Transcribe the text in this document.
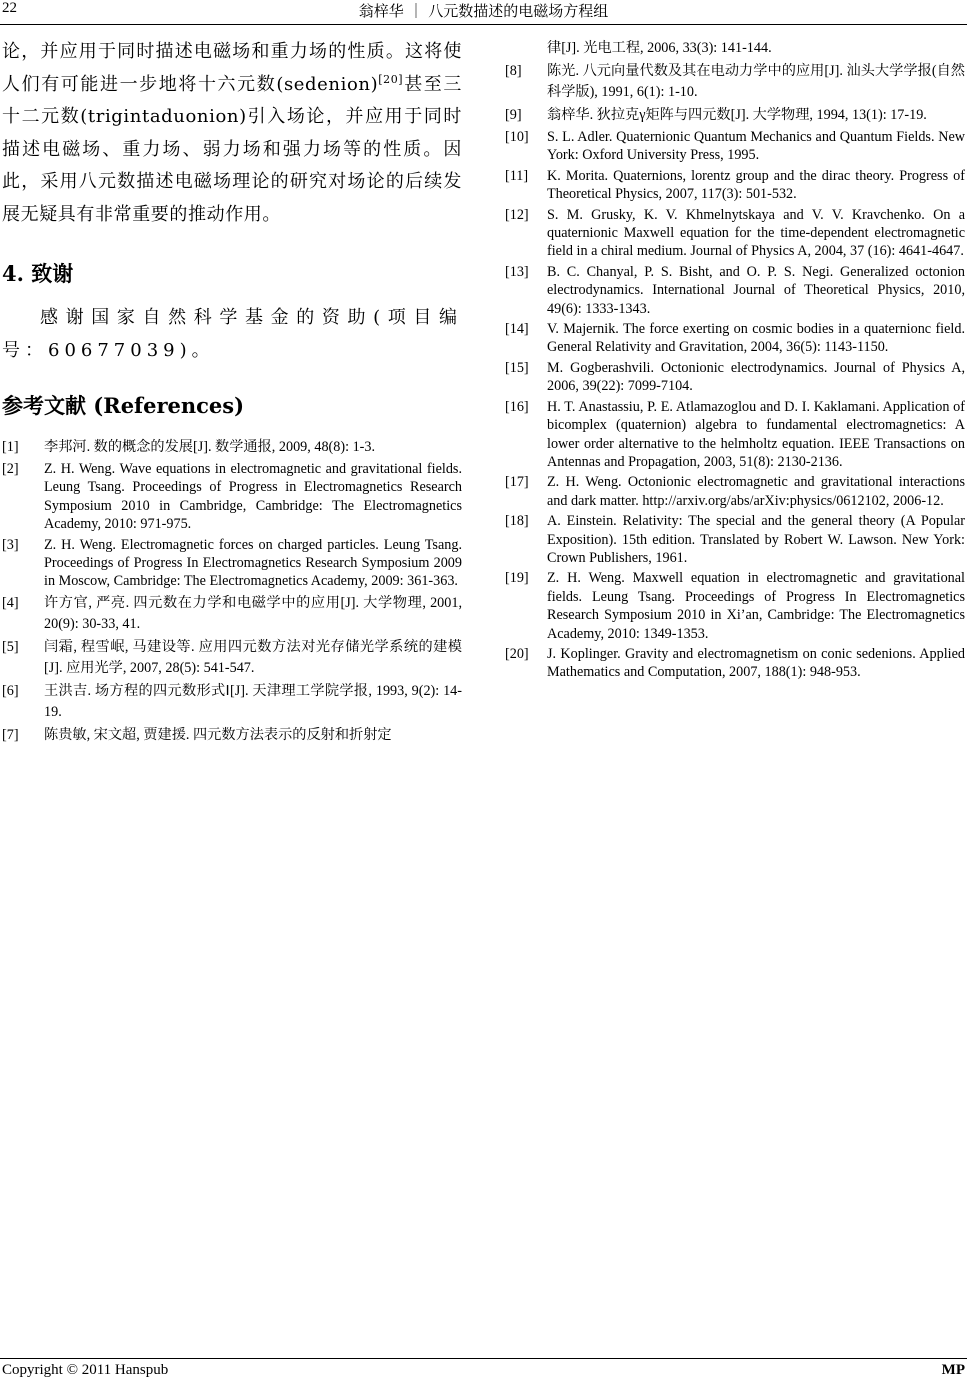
22	翁梓华 ｜ 八元数描述的电磁场方程组

论，并应用于同时描述电磁场和重力场的性质。这将使人们有可能进一步地将十六元数(sedenion)[20]甚至三十二元数(trigintaduonion)引入场论，并应用于同时描述电磁场、重力场、弱力场和强力场等的性质。因此，采用八元数描述电磁场理论的研究对场论的后续发展无疑具有非常重要的推动作用。

4. 致谢

感谢国家自然科学基金的资助(项目编号：60677039)。

参考文献 (References)
[1] 李邦河. 数的概念的发展[J]. 数学通报, 2009, 48(8): 1-3.
[2] Z. H. Weng. Wave equations in electromagnetic and gravitational fields. Leung Tsang. Proceedings of Progress in Electromagnetics Research Symposium 2010 in Cambridge, Cambridge: The Electromagnetics Academy, 2010: 971-975.
[3] Z. H. Weng. Electromagnetic forces on charged particles. Leung Tsang. Proceedings of Progress In Electromagnetics Research Symposium 2009 in Moscow, Cambridge: The Electromagnetics Academy, 2009: 361-363.
[4] 许方官, 严亮. 四元数在力学和电磁学中的应用[J]. 大学物理, 2001, 20(9): 30-33, 41.
[5] 闫霜, 程雪岷, 马建设等. 应用四元数方法对光存储光学系统的建模[J]. 应用光学, 2007, 28(5): 541-547.
[6] 王洪吉. 场方程的四元数形式Ⅰ[J]. 天津理工学院学报, 1993, 9(2): 14-19.
[7] 陈贵敏, 宋文超, 贾建援. 四元数方法表示的反射和折射定
律[J]. 光电工程, 2006, 33(3): 141-144.
[8] 陈光. 八元向量代数及其在电动力学中的应用[J]. 汕头大学学报(自然科学版), 1991, 6(1): 1-10.
[9] 翁梓华. 狄拉克γ矩阵与四元数[J]. 大学物理, 1994, 13(1): 17-19.
[10] S. L. Adler. Quaternionic Quantum Mechanics and Quantum Fields. New York: Oxford University Press, 1995.
[11] K. Morita. Quaternions, lorentz group and the dirac theory. Progress of Theoretical Physics, 2007, 117(3): 501-532.
[12] S. M. Grusky, K. V. Khmelnytskaya and V. V. Kravchenko. On a quaternionic Maxwell equation for the time-dependent electromagnetic field in a chiral medium. Journal of Physics A, 2004, 37 (16): 4641-4647.
[13] B. C. Chanyal, P. S. Bisht, and O. P. S. Negi. Generalized octonion electrodynamics. International Journal of Theoretical Physics, 2010, 49(6): 1333-1343.
[14] V. Majernik. The force exerting on cosmic bodies in a quaternionc field. General Relativity and Gravitation, 2004, 36(5): 1143-1150.
[15] M. Gogberashvili. Octonionic electrodynamics. Journal of Physics A, 2006, 39(22): 7099-7104.
[16] H. T. Anastassiu, P. E. Atlamazoglou and D. I. Kaklamani. Application of bicomplex (quaternion) algebra to fundamental electromagnetics: A lower order alternative to the helmholtz equation. IEEE Transactions on Antennas and Propagation, 2003, 51(8): 2130-2136.
[17] Z. H. Weng. Octonionic electromagnetic and gravitational interactions and dark matter. http://arxiv.org/abs/arXiv:physics/0612102, 2006-12.
[18] A. Einstein. Relativity: The special and the general theory (A Popular Exposition). 15th edition. Translated by Robert W. Lawson. New York: Crown Publishers, 1961.
[19] Z. H. Weng. Maxwell equation in electromagnetic and gravitational fields. Leung Tsang. Proceedings of Progress In Electromagnetics Research Symposium 2010 in Xi’an, Cambridge: The Electromagnetics Academy, 2010: 1349-1353.
[20] J. Koplinger. Gravity and electromagnetism on conic sedenions. Applied Mathematics and Computation, 2007, 188(1): 948-953.
Copyright © 2011 Hanspub	MP
